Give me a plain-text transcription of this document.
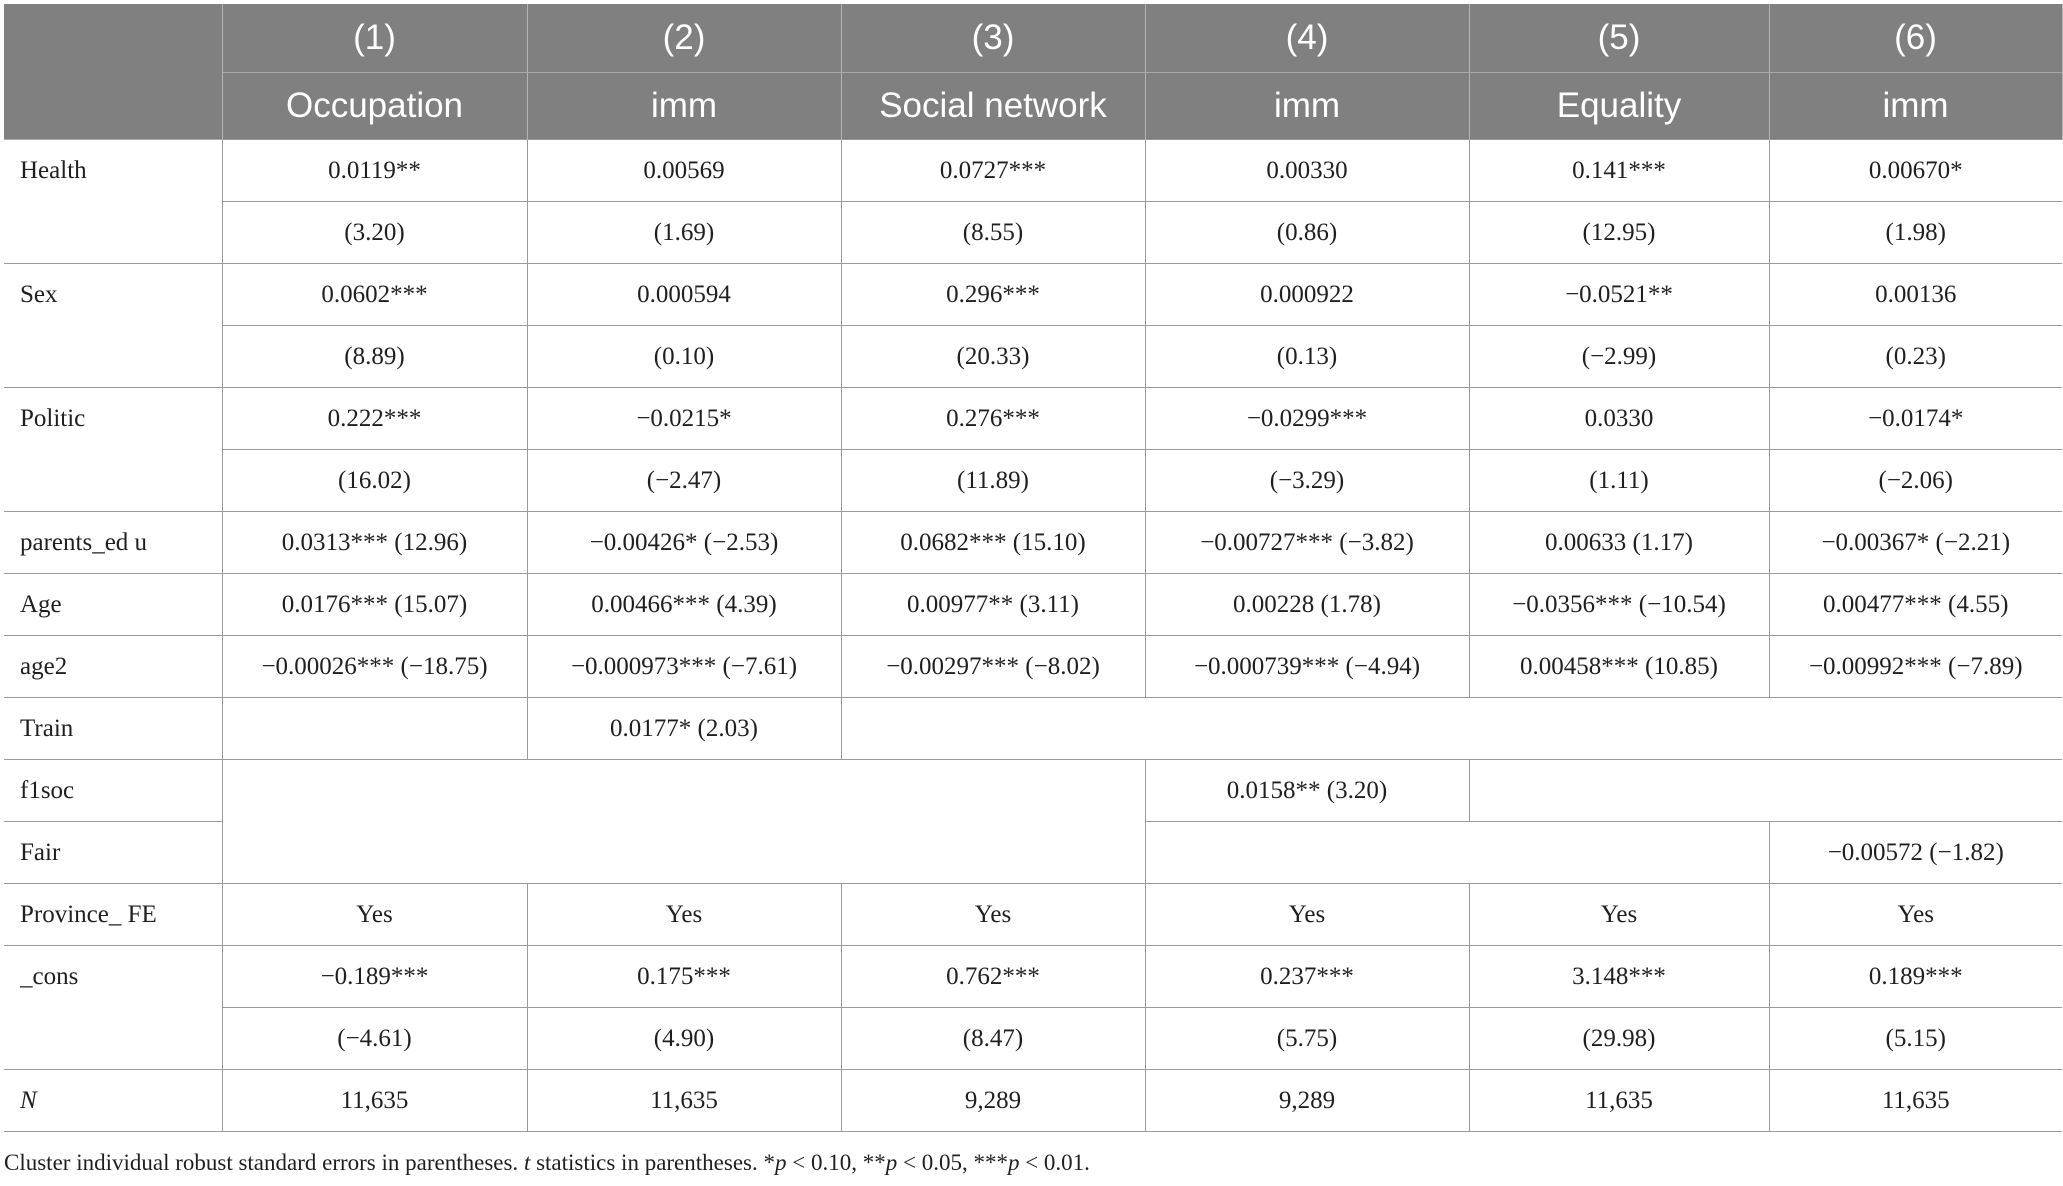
	(1)	(2)	(3)	(4)	(5)	(6)
	Occupation	imm	Social network	imm	Equality	imm
Health	0.0119**	0.00569	0.0727***	0.00330	0.141***	0.00670*
	(3.20)	(1.69)	(8.55)	(0.86)	(12.95)	(1.98)
Sex	0.0602***	0.000594	0.296***	0.000922	−0.0521**	0.00136
	(8.89)	(0.10)	(20.33)	(0.13)	(−2.99)	(0.23)
Politic	0.222***	−0.0215*	0.276***	−0.0299***	0.0330	−0.0174*
	(16.02)	(−2.47)	(11.89)	(−3.29)	(1.11)	(−2.06)
parents_ed u	0.0313*** (12.96)	−0.00426* (−2.53)	0.0682*** (15.10)	−0.00727*** (−3.82)	0.00633 (1.17)	−0.00367* (−2.21)
Age	0.0176*** (15.07)	0.00466*** (4.39)	0.00977** (3.11)	0.00228 (1.78)	−0.0356*** (−10.54)	0.00477*** (4.55)
age2	−0.00026*** (−18.75)	−0.000973*** (−7.61)	−0.00297*** (−8.02)	−0.000739*** (−4.94)	0.00458*** (10.85)	−0.00992*** (−7.89)
Train		0.0177* (2.03)				
f1soc				0.0158** (3.20)		
Fair						−0.00572 (−1.82)
Province_ FE	Yes	Yes	Yes	Yes	Yes	Yes
_cons	−0.189***	0.175***	0.762***	0.237***	3.148***	0.189***
	(−4.61)	(4.90)	(8.47)	(5.75)	(29.98)	(5.15)
N	11,635	11,635	9,289	9,289	11,635	11,635
Cluster individual robust standard errors in parentheses. t statistics in parentheses. *p < 0.10, **p < 0.05, ***p < 0.01.
